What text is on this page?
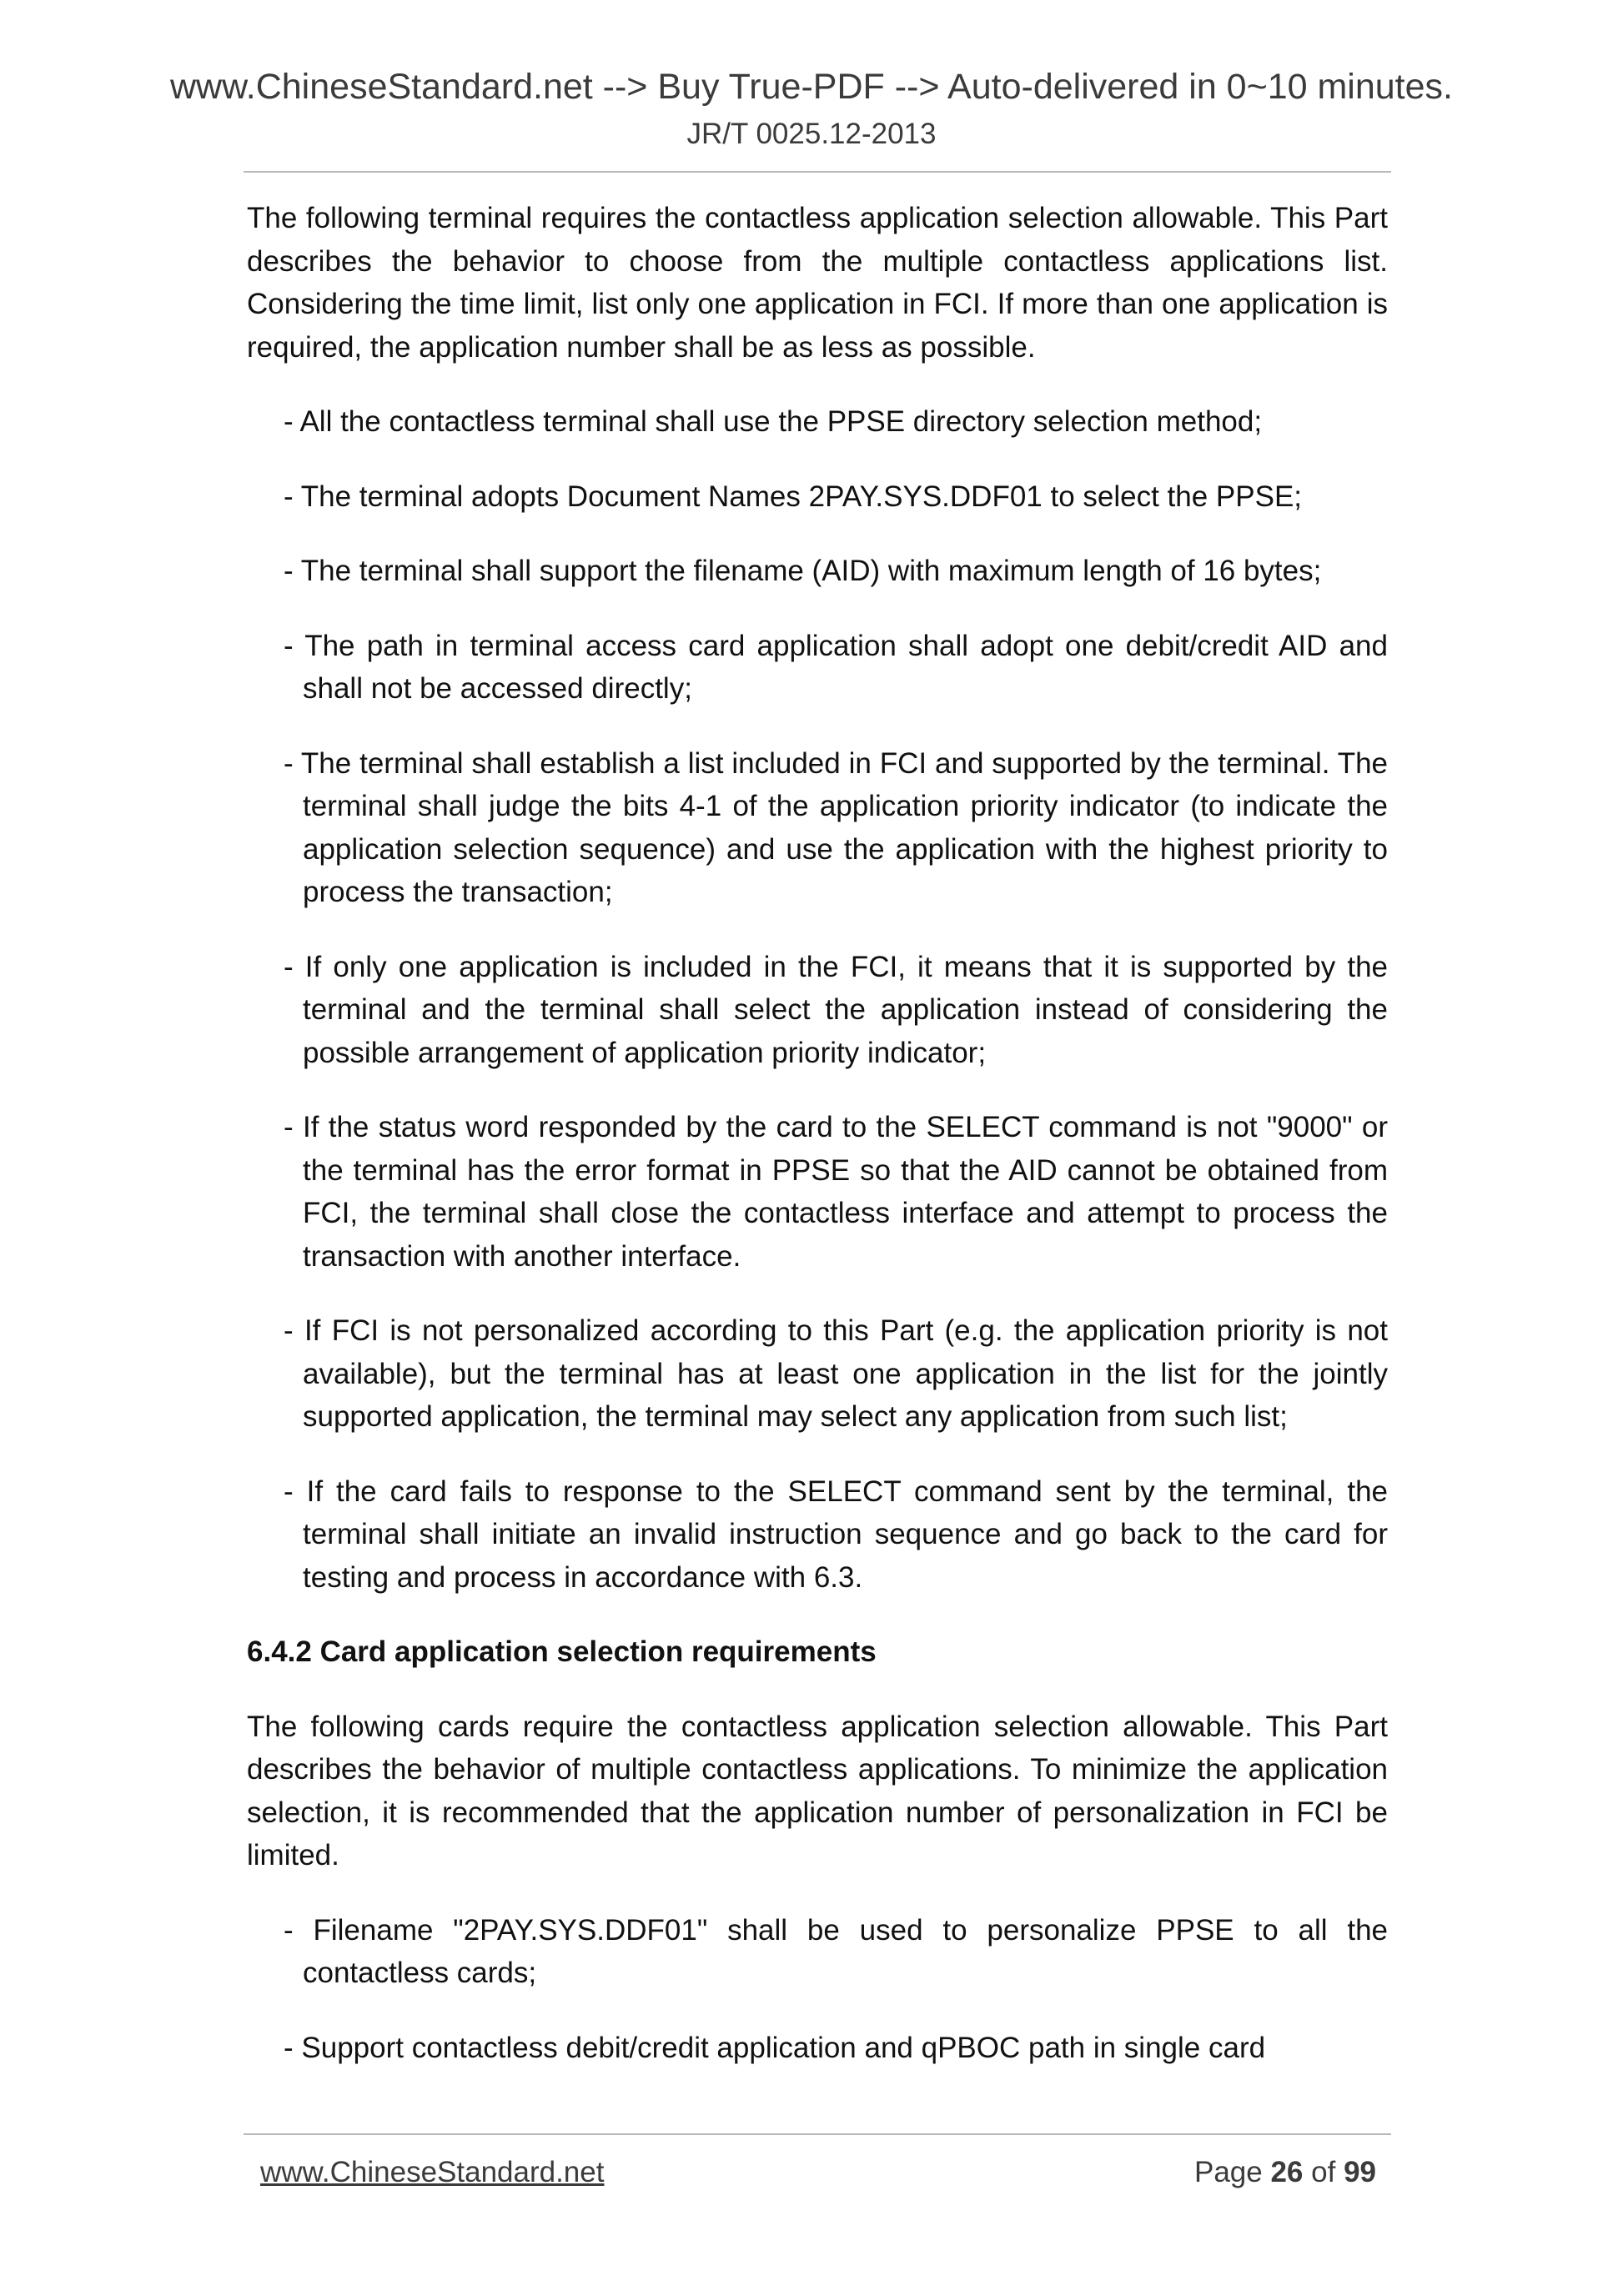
www.ChineseStandard.net --> Buy True-PDF --> Auto-delivered in 0~10 minutes.
JR/T 0025.12-2013

The following terminal requires the contactless application selection allowable. This Part describes the behavior to choose from the multiple contactless applications list. Considering the time limit, list only one application in FCI. If more than one application is required, the application number shall be as less as possible.

- All the contactless terminal shall use the PPSE directory selection method;

- The terminal adopts Document Names 2PAY.SYS.DDF01 to select the PPSE;

- The terminal shall support the filename (AID) with maximum length of 16 bytes;

- The path in terminal access card application shall adopt one debit/credit AID and shall not be accessed directly;

- The terminal shall establish a list included in FCI and supported by the terminal. The terminal shall judge the bits 4-1 of the application priority indicator (to indicate the application selection sequence) and use the application with the highest priority to process the transaction;

- If only one application is included in the FCI, it means that it is supported by the terminal and the terminal shall select the application instead of considering the possible arrangement of application priority indicator;

- If the status word responded by the card to the SELECT command is not "9000" or the terminal has the error format in PPSE so that the AID cannot be obtained from FCI, the terminal shall close the contactless interface and attempt to process the transaction with another interface.

- If FCI is not personalized according to this Part (e.g. the application priority is not available), but the terminal has at least one application in the list for the jointly supported application, the terminal may select any application from such list;

- If the card fails to response to the SELECT command sent by the terminal, the terminal shall initiate an invalid instruction sequence and go back to the card for testing and process in accordance with 6.3.

6.4.2 Card application selection requirements

The following cards require the contactless application selection allowable. This Part describes the behavior of multiple contactless applications. To minimize the application selection, it is recommended that the application number of personalization in FCI be limited.

- Filename "2PAY.SYS.DDF01" shall be used to personalize PPSE to all the contactless cards;

- Support contactless debit/credit application and qPBOC path in single card

www.ChineseStandard.net	Page 26 of 99
